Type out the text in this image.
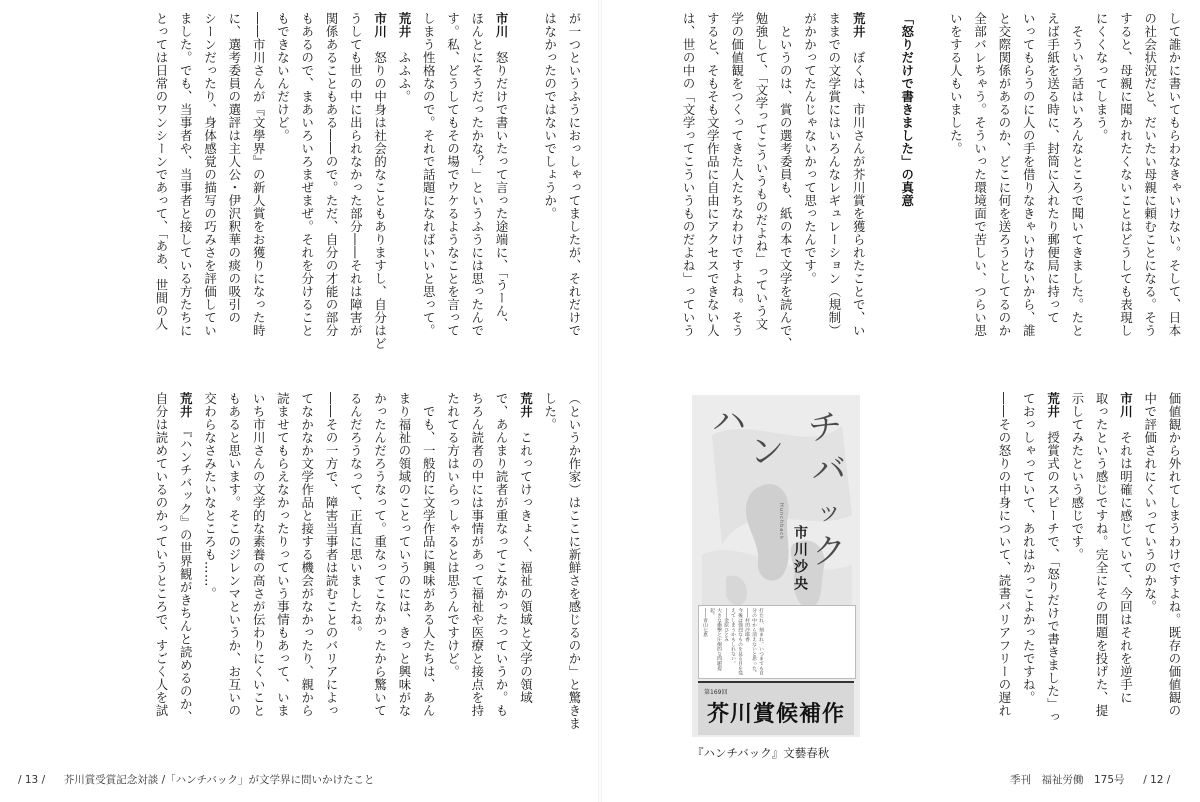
が一つというふうにおっしゃってましたが、それだけで

はなかったのではないでしょうか。

市川　怒りだけで書いたって言った途端に、「うーん、

ほんとにそうだったかな？」というふうには思ったんで

す。私、どうしてもその場でウケるようなことを言って

しまう性格なので。それで話題になればいいと思って。

荒井　ふふふ。

市川　怒りの中身は社会的なこともありますし、自分はど

うしても世の中に出られなかった部分――それは障害が

関係あることもある――ので。ただ、自分の才能の部分

もあるので、まあいろいろまぜまぜ。それを分けること

もできないんだけど。

――市川さんが『文學界』の新人賞をお獲りになった時

に、選考委員の選評は主人公・伊沢釈華の痰の吸引の

シーンだったり、身体感覚の描写の巧みさを評価してい

ました。でも、当事者や、当事者と接している方たちに

とっては日常のワンシーンであって、「ああ、世間の人

（というか作家）はここに新鮮さを感じるのか」と驚きま

した。

荒井　これってけっきょく、福祉の領域と文学の領域

で、あんまり読者が重なってこなかったっていうか。も

ちろん読者の中には事情があって福祉や医療と接点を持

たれてる方はいらっしゃるとは思うんですけど。

　でも、一般的に文学作品に興味がある人たちは、あん

まり福祉の領域のことっていうのには、きっと興味がな

かったんだろうなって。重なってこなかったから驚いて

るんだろうなって、正直に思いましたね。

――その一方で、障害当事者は読むことのバリアによっ

てなかなか文学作品と接する機会がなかったり、親から

読ませてもらえなかったりっていう事情もあって、いま

いち市川さんの文学的な素養の高さが伝わりにくいこと

もあると思います。そこのジレンマというか、お互いの

交わらなさみたいなところも……。

荒井　『ハンチバック』の世界観がきちんと読めるのか、

自分は読めているのかっていうところで、すごく人を試

/ 13 / 芥川賞受賞記念対談 /「ハンチバック」が文学界に問いかけたこと

して誰かに書いてもらわなきゃいけない。そして、日本

の社会状況だと、だいたい母親に頼むことになる。そう

すると、母親に聞かれたくないことはどうしても表現し

にくくなってしまう。

　そういう話はいろんなところで聞いてきました。たと

えば手紙を送る時に、封筒に入れたり郵便局に持って

いってもらうのに人の手を借りなきゃいけないから、誰

と交際関係があるのか、どこに何を送ろうとしてるのか

全部バレちゃう。そういった環境面で苦しい、つらい思

いをする人もいました。

「怒りだけで書きました」の真意

荒井　ぼくは、市川さんが芥川賞を獲られたことで、い

ままでの文学賞にはいろんなレギュレーション（規制）

がかかってたんじゃないかって思ったんです。

　というのは、賞の選考委員も、紙の本で文学を読んで、

勉強して、「文学ってこういうものだよね」っていう文

学の価値観をつくってきた人たちなわけですよね。そう

すると、そもそも文学作品に自由にアクセスできない人

は、世の中の「文学ってこういうものだよね」っていう

価値観から外れてしまうわけですよね。既存の価値観の

中で評価されにくいっていうのかな。

市川　それは明確に感じていて、今回はそれを逆手に

取ったという感じですね。完全にその問題を投げた、提

示してみたという感じです。

荒井　授賞式のスピーチで、「怒りだけで書きました」っ

ておっしゃっていて、あれはかっこよかったですね。

――その怒りの中身について、読書バリアフリーの遅れ

季刊　福祉労働　175号 / 12 /
ハ
ン
チ
バ
ッ
ク
Hunchback
市川沙央
打たれ、刻まれ、いつまでも自分の中から消えないと思った。
――村田沙耶香
今後は強烈なものを見る目を変えてしまうかもしれない。
――金原ひとみ
大きな衝撃と圧倒的な問題提起。
――青山七恵
第169回
芥川賞候補作
『ハンチバック』文藝春秋
